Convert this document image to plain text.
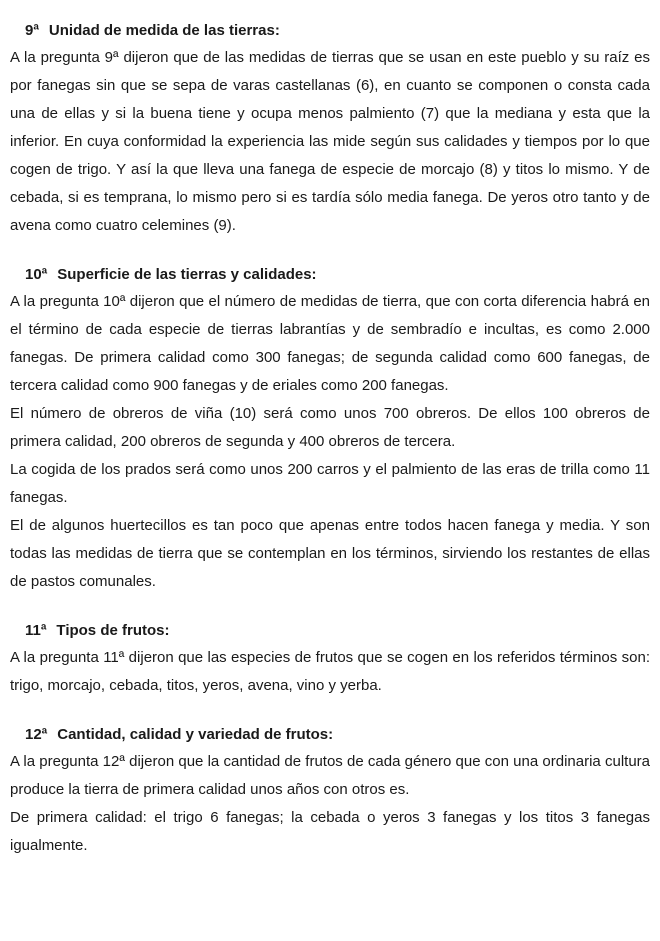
9ª Unidad de medida de las tierras:

A la pregunta 9ª dijeron que de las medidas de tierras que se usan en este pueblo y su raíz es por fanegas sin que se sepa de varas castellanas (6), en cuanto se componen o consta cada una de ellas y si la buena tiene y ocupa menos palmiento (7) que la mediana y esta que la inferior. En cuya conformidad la experiencia las mide según sus calidades y tiempos por lo que cogen de trigo. Y así la que lleva una fanega de especie de morcajo (8) y titos lo mismo. Y de cebada, si es temprana, lo mismo pero si es tardía sólo media fanega. De yeros otro tanto y de avena como cuatro celemines (9).

10ª Superficie de las tierras y calidades:

A la pregunta 10ª dijeron que el número de medidas de tierra, que con corta diferencia habrá en el término de cada especie de tierras labrantías y de sembradío e incultas, es como 2.000 fanegas. De primera calidad como 300 fanegas; de segunda calidad como 600 fanegas, de tercera calidad como 900 fanegas y de eriales como 200 fanegas.

El número de obreros de viña (10) será como unos 700 obreros. De ellos 100 obreros de primera calidad, 200 obreros de segunda y 400 obreros de tercera.

La cogida de los prados será como unos 200 carros y el palmiento de las eras de trilla como 11 fanegas.

El de algunos huertecillos es tan poco que apenas entre todos hacen fanega y media. Y son todas las medidas de tierra que se contemplan en los términos, sirviendo los restantes de ellas de pastos comunales.

11ª Tipos de frutos:

A la pregunta 11ª dijeron que las especies de frutos que se cogen en los referidos términos son: trigo, morcajo, cebada, titos, yeros, avena, vino y yerba.

12ª Cantidad, calidad y variedad de frutos:

A la pregunta 12ª dijeron que la cantidad de frutos de cada género que con una ordinaria cultura produce la tierra de primera calidad unos años con otros es.

De primera calidad: el trigo 6 fanegas; la cebada o yeros 3 fanegas y los titos 3 fanegas igualmente.
